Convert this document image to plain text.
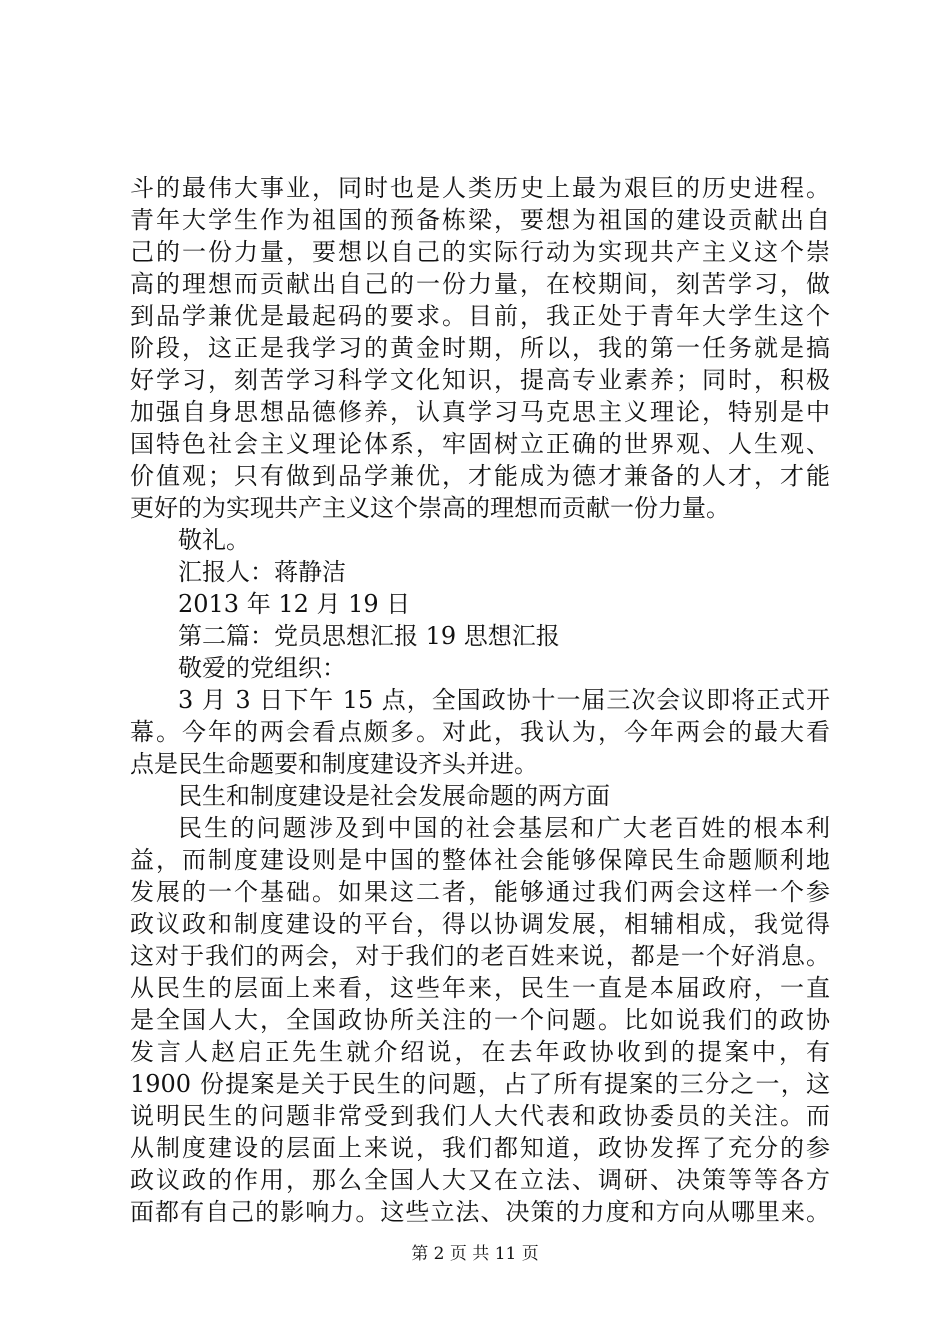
斗的最伟大事业，同时也是人类历史上最为艰巨的历史进程。
青年大学生作为祖国的预备栋梁，要想为祖国的建设贡献出自
己的一份力量，要想以自己的实际行动为实现共产主义这个崇
高的理想而贡献出自己的一份力量，在校期间，刻苦学习，做
到品学兼优是最起码的要求。目前，我正处于青年大学生这个
阶段，这正是我学习的黄金时期，所以，我的第一任务就是搞
好学习，刻苦学习科学文化知识，提高专业素养；同时，积极
加强自身思想品德修养，认真学习马克思主义理论，特别是中
国特色社会主义理论体系，牢固树立正确的世界观、人生观、
价值观；只有做到品学兼优，才能成为德才兼备的人才，才能
更好的为实现共产主义这个崇高的理想而贡献一份力量。
敬礼。
汇报人：蒋静洁
2013 年 12 月 19 日
第二篇：党员思想汇报 19 思想汇报
敬爱的党组织：
3 月 3 日下午 15 点，全国政协十一届三次会议即将正式开
幕。今年的两会看点颇多。对此，我认为，今年两会的最大看
点是民生命题要和制度建设齐头并进。
民生和制度建设是社会发展命题的两方面
民生的问题涉及到中国的社会基层和广大老百姓的根本利
益，而制度建设则是中国的整体社会能够保障民生命题顺利地
发展的一个基础。如果这二者，能够通过我们两会这样一个参
政议政和制度建设的平台，得以协调发展，相辅相成，我觉得
这对于我们的两会，对于我们的老百姓来说，都是一个好消息。
从民生的层面上来看，这些年来，民生一直是本届政府，一直
是全国人大，全国政协所关注的一个问题。比如说我们的政协
发言人赵启正先生就介绍说，在去年政协收到的提案中，有
1900 份提案是关于民生的问题，占了所有提案的三分之一，这
说明民生的问题非常受到我们人大代表和政协委员的关注。而
从制度建设的层面上来说，我们都知道，政协发挥了充分的参
政议政的作用，那么全国人大又在立法、调研、决策等等各方
面都有自己的影响力。这些立法、决策的力度和方向从哪里来。
第 2 页 共 11 页
